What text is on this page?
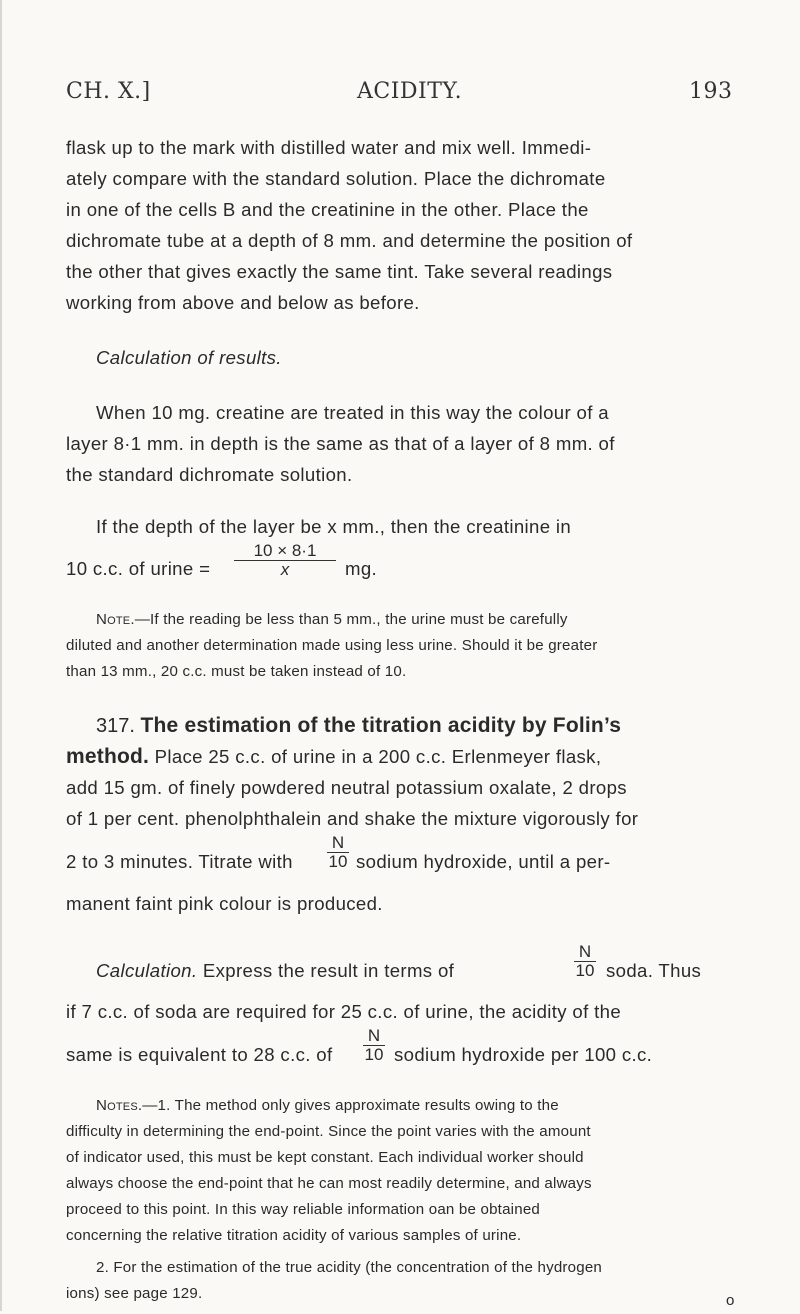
CH. X.]	ACIDITY.	193
flask up to the mark with distilled water and mix well. Immedi-
ately compare with the standard solution. Place the dichromate
in one of the cells B and the creatinine in the other. Place the
dichromate tube at a depth of 8 mm. and determine the position of
the other that gives exactly the same tint. Take several readings
working from above and below as before.
Calculation of results.
When 10 mg. creatine are treated in this way the colour of a
layer 8·1 mm. in depth is the same as that of a layer of 8 mm. of
the standard dichromate solution.
If the depth of the layer be x mm., then the creatinine in
10 c.c. of urine =
10 × 8·1
x	mg.
Note.—If the reading be less than 5 mm., the urine must be carefully
diluted and another determination made using less urine. Should it be greater
than 13 mm., 20 c.c. must be taken instead of 10.
317. The estimation of the titration acidity by Folin’s
method. Place 25 c.c. of urine in a 200 c.c. Erlenmeyer flask,
add 15 gm. of finely powdered neutral potassium oxalate, 2 drops
of 1 per cent. phenolphthalein and shake the mixture vigorously for
2 to 3 minutes. Titrate with
N
10 sodium hydroxide, until a per-
manent faint pink colour is produced.
Calculation. Express the result in terms of
N
10 soda. Thus
if 7 c.c. of soda are required for 25 c.c. of urine, the acidity of the
same is equivalent to 28 c.c. of
N
10 sodium hydroxide per 100 c.c.
Notes.—1. The method only gives approximate results owing to the
difficulty in determining the end-point. Since the point varies with the amount
of indicator used, this must be kept constant. Each individual worker should
always choose the end-point that he can most readily determine, and always
proceed to this point. In this way reliable information oan be obtained
concerning the relative titration acidity of various samples of urine.
2. For the estimation of the true acidity (the concentration of the hydrogen
ions) see page 129.	o
